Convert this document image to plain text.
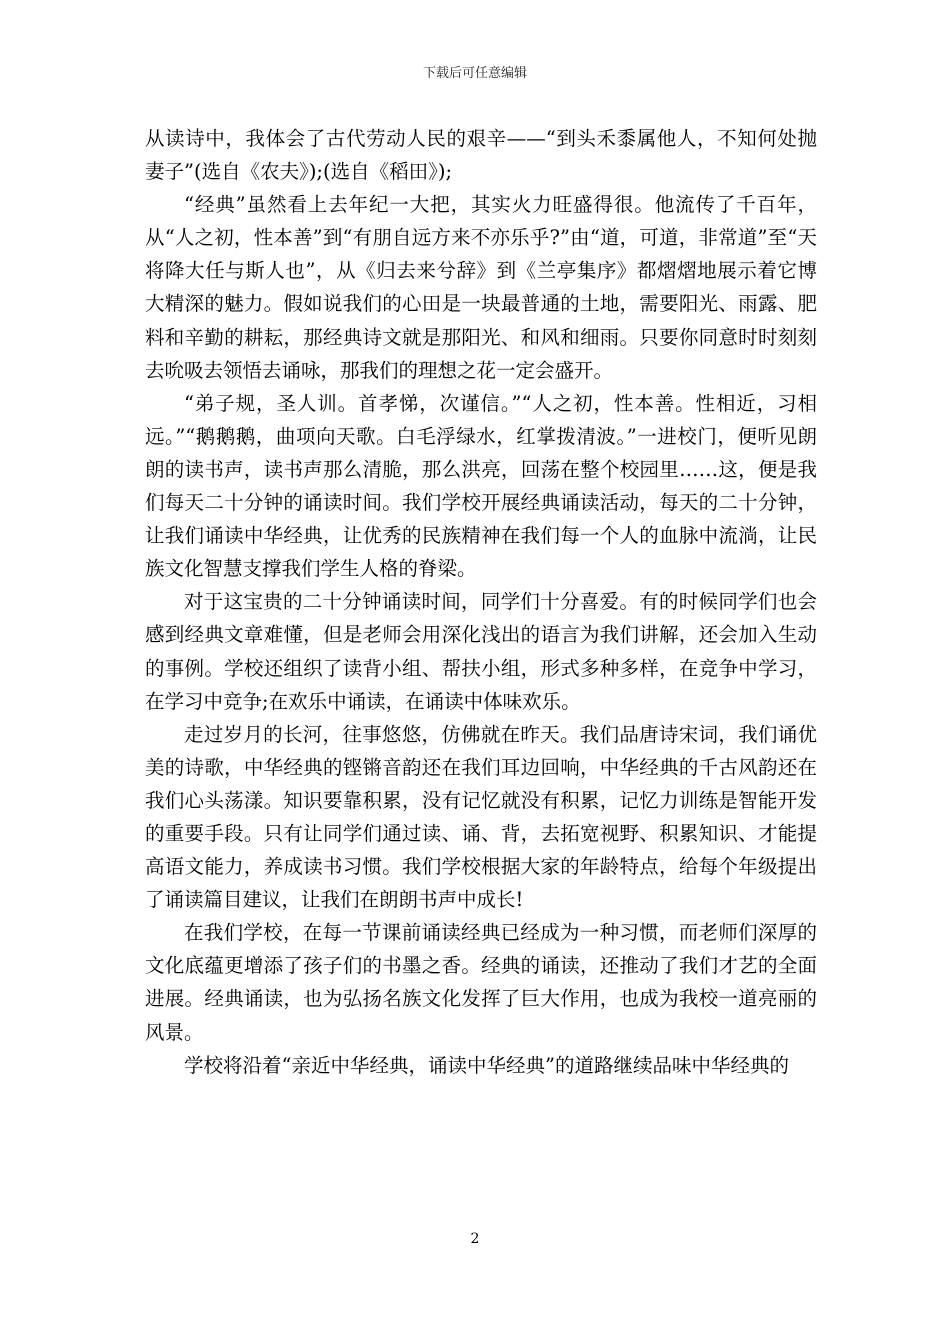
下载后可任意编辑

从读诗中，我体会了古代劳动人民的艰辛——“到头禾黍属他人，不知何处抛妻子”(选自《农夫》);(选自《稻田》);

“经典”虽然看上去年纪一大把，其实火力旺盛得很。他流传了千百年，从“人之初，性本善”到“有朋自远方来不亦乐乎?”由“道，可道，非常道”至“天将降大任与斯人也”，从《归去来兮辞》到《兰亭集序》都熠熠地展示着它博大精深的魅力。假如说我们的心田是一块最普通的土地，需要阳光、雨露、肥料和辛勤的耕耘，那经典诗文就是那阳光、和风和细雨。只要你同意时时刻刻去吮吸去领悟去诵咏，那我们的理想之花一定会盛开。

“弟子规，圣人训。首孝悌，次谨信。”“人之初，性本善。性相近，习相远。”“鹅鹅鹅，曲项向天歌。白毛浮绿水，红掌拨清波。”一进校门，便听见朗朗的读书声，读书声那么清脆，那么洪亮，回荡在整个校园里……这，便是我们每天二十分钟的诵读时间。我们学校开展经典诵读活动，每天的二十分钟，让我们诵读中华经典，让优秀的民族精神在我们每一个人的血脉中流淌，让民族文化智慧支撑我们学生人格的脊梁。

对于这宝贵的二十分钟诵读时间，同学们十分喜爱。有的时候同学们也会感到经典文章难懂，但是老师会用深化浅出的语言为我们讲解，还会加入生动的事例。学校还组织了读背小组、帮扶小组，形式多种多样，在竞争中学习，在学习中竞争;在欢乐中诵读，在诵读中体味欢乐。

走过岁月的长河，往事悠悠，仿佛就在昨天。我们品唐诗宋词，我们诵优美的诗歌，中华经典的铿锵音韵还在我们耳边回响，中华经典的千古风韵还在我们心头荡漾。知识要靠积累，没有记忆就没有积累，记忆力训练是智能开发的重要手段。只有让同学们通过读、诵、背，去拓宽视野、积累知识、才能提高语文能力，养成读书习惯。我们学校根据大家的年龄特点，给每个年级提出了诵读篇目建议，让我们在朗朗书声中成长!

在我们学校，在每一节课前诵读经典已经成为一种习惯，而老师们深厚的文化底蕴更增添了孩子们的书墨之香。经典的诵读，还推动了我们才艺的全面进展。经典诵读，也为弘扬名族文化发挥了巨大作用，也成为我校一道亮丽的风景。

学校将沿着“亲近中华经典，诵读中华经典”的道路继续品味中华经典的

2
